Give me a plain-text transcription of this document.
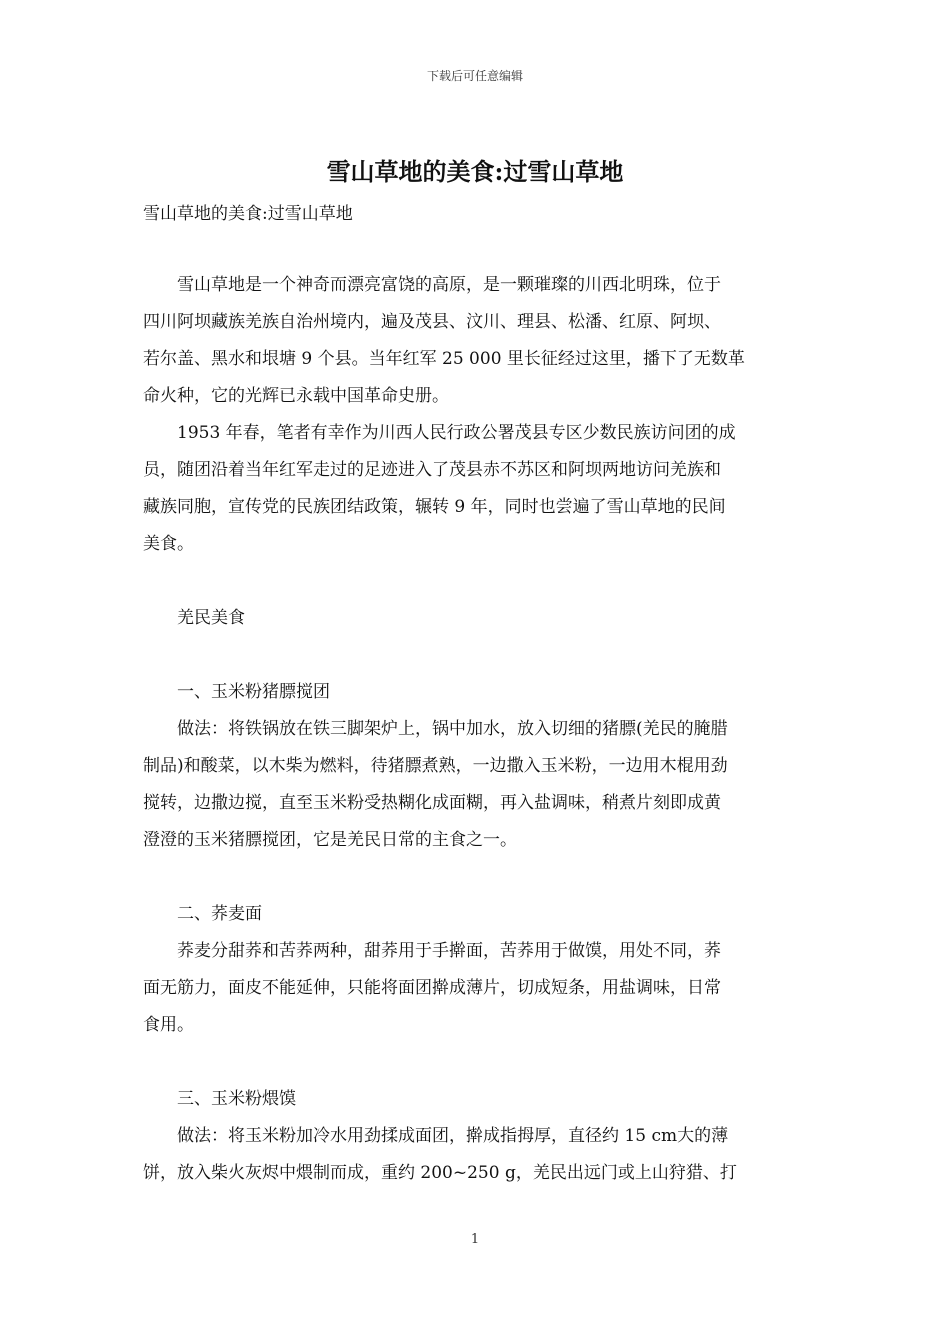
下载后可任意编辑
雪山草地的美食:过雪山草地
雪山草地的美食:过雪山草地
雪山草地是一个神奇而漂亮富饶的高原，是一颗璀璨的川西北明珠，位于
四川阿坝藏族羌族自治州境内，遍及茂县、汶川、理县、松潘、红原、阿坝、
若尔盖、黑水和垠塘 9 个县。当年红军 25 000 里长征经过这里，播下了无数革
命火种，它的光辉已永载中国革命史册。
1953 年春，笔者有幸作为川西人民行政公署茂县专区少数民族访问团的成
员，随团沿着当年红军走过的足迹进入了茂县赤不苏区和阿坝两地访问羌族和
藏族同胞，宣传党的民族团结政策，辗转 9 年，同时也尝遍了雪山草地的民间
美食。
羌民美食
一、玉米粉猪膘搅团
做法：将铁锅放在铁三脚架炉上，锅中加水，放入切细的猪膘(羌民的腌腊
制品)和酸菜，以木柴为燃料，待猪膘煮熟，一边撒入玉米粉，一边用木棍用劲
搅转，边撒边搅，直至玉米粉受热糊化成面糊，再入盐调味，稍煮片刻即成黄
澄澄的玉米猪膘搅团，它是羌民日常的主食之一。
二、荞麦面
荞麦分甜荞和苦荞两种，甜荞用于手擀面，苦荞用于做馍，用处不同，荞
面无筋力，面皮不能延伸，只能将面团擀成薄片，切成短条，用盐调味，日常
食用。
三、玉米粉煨馍
做法：将玉米粉加冷水用劲揉成面团，擀成指拇厚，直径约 15 cm大的薄
饼，放入柴火灰烬中煨制而成，重约 200~250 g，羌民出远门或上山狩猎、打
1
